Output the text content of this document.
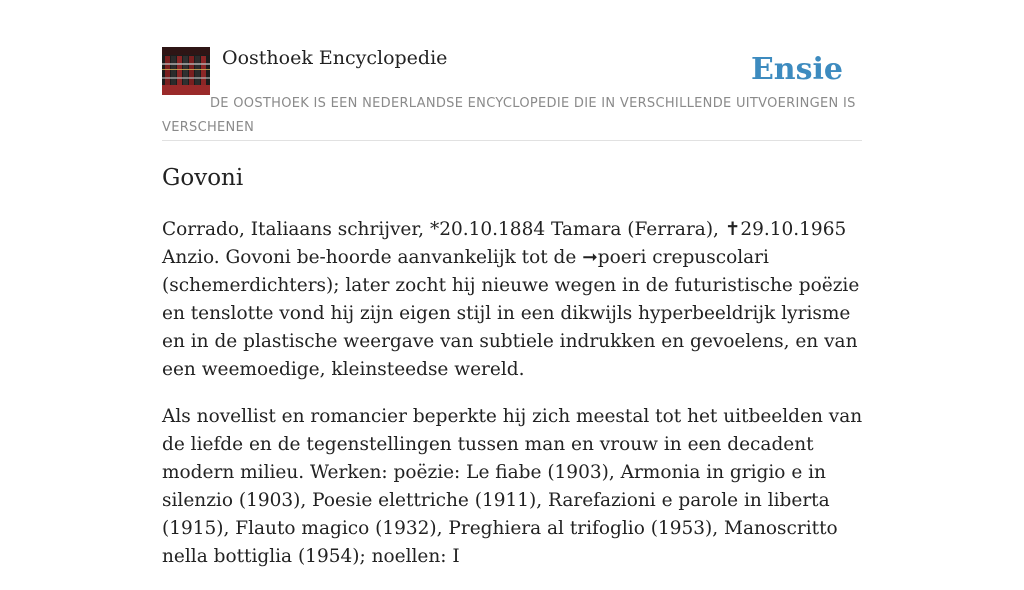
Oosthoek Encyclopedie	Ensie
DE OOSTHOEK IS EEN NEDERLANDSE ENCYCLOPEDIE DIE IN VERSCHILLENDE UITVOERINGEN IS VERSCHENEN
Govoni

Corrado, Italiaans schrijver, *20.10.1884 Tamara (Ferrara), ✝29.10.1965 Anzio. Govoni be-hoorde aanvankelijk tot de ➞poeri crepuscolari (schemerdichters); later zocht hij nieuwe wegen in de futuristische poëzie en tenslotte vond hij zijn eigen stijl in een dikwijls hyperbeeldrijk lyrisme en in de plastische weergave van subtiele indrukken en gevoelens, en van een weemoedige, kleinsteedse wereld.

Als novellist en romancier beperkte hij zich meestal tot het uitbeelden van de liefde en de tegenstellingen tussen man en vrouw in een decadent modern milieu. Werken: poëzie: Le fiabe (1903), Armonia in grigio e in silenzio (1903), Poesie elettriche (1911), Rarefazioni e parole in liberta (1915), Flauto magico (1932), Preghiera al trifoglio (1953), Manoscritto nella bottiglia (1954); noellen: I
